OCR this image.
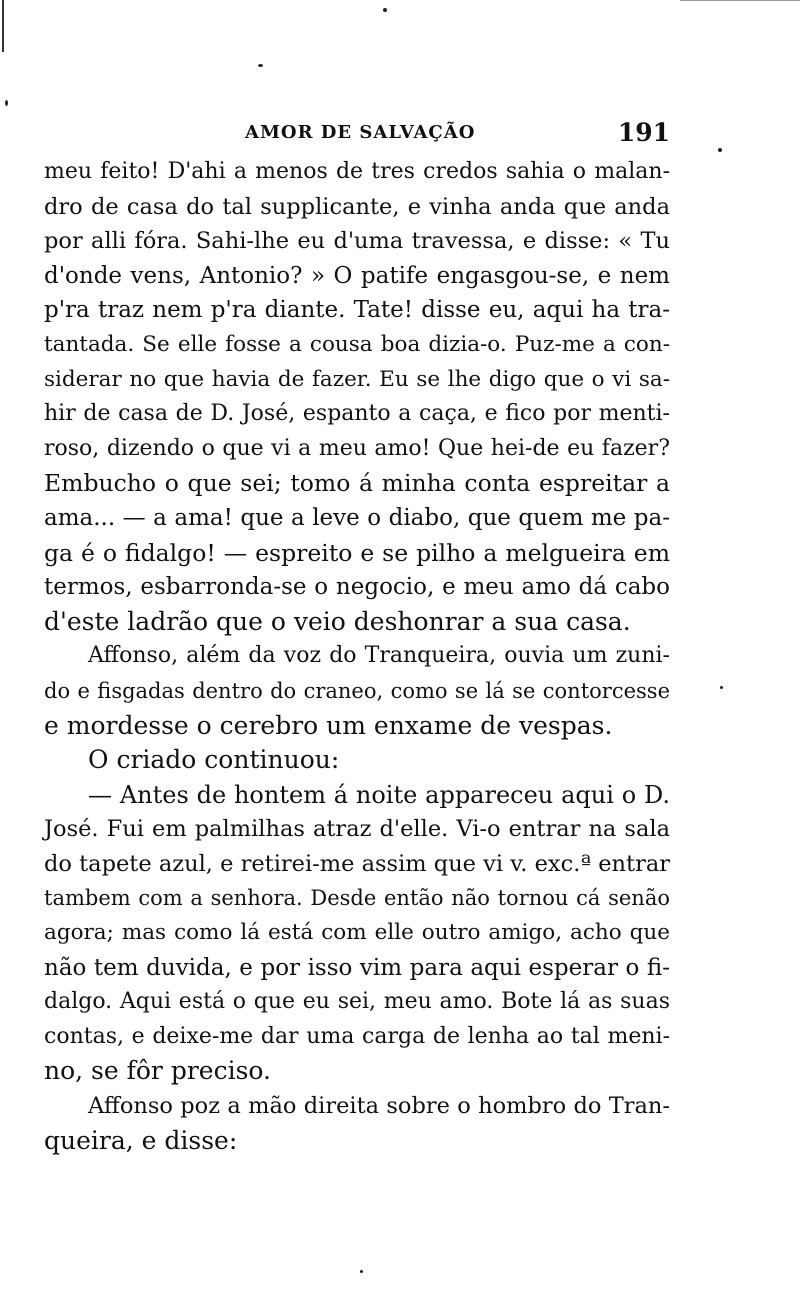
AMOR DE SALVAÇÃO	191
meu feito! D'ahi a menos de tres credos sahia o malan-
dro de casa do tal supplicante, e vinha anda que anda
por alli fóra. Sahi-lhe eu d'uma travessa, e disse: « Tu
d'onde vens, Antonio? » O patife engasgou-se, e nem
p'ra traz nem p'ra diante. Tate! disse eu, aqui ha tra-
tantada. Se elle fosse a cousa boa dizia-o. Puz-me a con-
siderar no que havia de fazer. Eu se lhe digo que o vi sa-
hir de casa de D. José, espanto a caça, e fico por menti-
roso, dizendo o que vi a meu amo! Que hei-de eu fazer?
Embucho o que sei; tomo á minha conta espreitar a
ama... — a ama! que a leve o diabo, que quem me pa-
ga é o fidalgo! — espreito e se pilho a melgueira em
termos, esbarronda-se o negocio, e meu amo dá cabo
d'este ladrão que o veio deshonrar a sua casa.
Affonso, além da voz do Tranqueira, ouvia um zuni-
do e fisgadas dentro do craneo, como se lá se contorcesse
e mordesse o cerebro um enxame de vespas.
O criado continuou:
— Antes de hontem á noite appareceu aqui o D.
José. Fui em palmilhas atraz d'elle. Vi-o entrar na sala
do tapete azul, e retirei-me assim que vi v. exc.ª entrar
tambem com a senhora. Desde então não tornou cá senão
agora; mas como lá está com elle outro amigo, acho que
não tem duvida, e por isso vim para aqui esperar o fi-
dalgo. Aqui está o que eu sei, meu amo. Bote lá as suas
contas, e deixe-me dar uma carga de lenha ao tal meni-
no, se fôr preciso.
Affonso poz a mão direita sobre o hombro do Tran-
queira, e disse:
